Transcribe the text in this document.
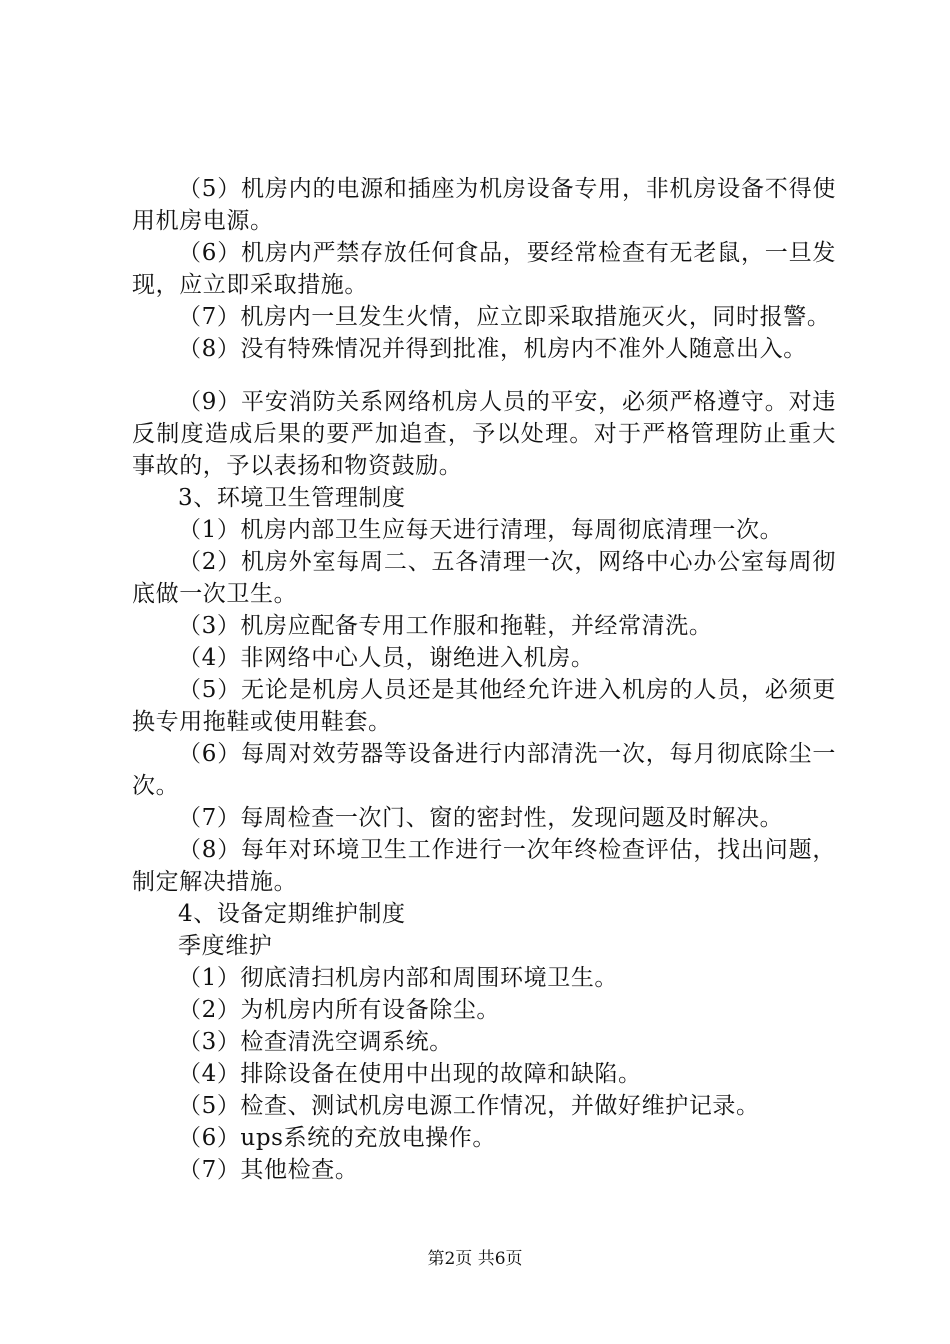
（5）机房内的电源和插座为机房设备专用，非机房设备不得使用机房电源。

（6）机房内严禁存放任何食品，要经常检查有无老鼠，一旦发现，应立即采取措施。

（7）机房内一旦发生火情，应立即采取措施灭火，同时报警。

（8）没有特殊情况并得到批准，机房内不准外人随意出入。

（9）平安消防关系网络机房人员的平安，必须严格遵守。对违反制度造成后果的要严加追查，予以处理。对于严格管理防止重大事故的，予以表扬和物资鼓励。

3、环境卫生管理制度

（1）机房内部卫生应每天进行清理，每周彻底清理一次。

（2）机房外室每周二、五各清理一次，网络中心办公室每周彻底做一次卫生。

（3）机房应配备专用工作服和拖鞋，并经常清洗。

（4）非网络中心人员，谢绝进入机房。

（5）无论是机房人员还是其他经允许进入机房的人员，必须更换专用拖鞋或使用鞋套。

（6）每周对效劳器等设备进行内部清洗一次，每月彻底除尘一次。

（7）每周检查一次门、窗的密封性，发现问题及时解决。

（8）每年对环境卫生工作进行一次年终检查评估，找出问题，制定解决措施。

4、设备定期维护制度

季度维护

（1）彻底清扫机房内部和周围环境卫生。

（2）为机房内所有设备除尘。

（3）检查清洗空调系统。

（4）排除设备在使用中出现的故障和缺陷。

（5）检查、测试机房电源工作情况，并做好维护记录。

（6）ups系统的充放电操作。

（7）其他检查。

第2页 共6页
